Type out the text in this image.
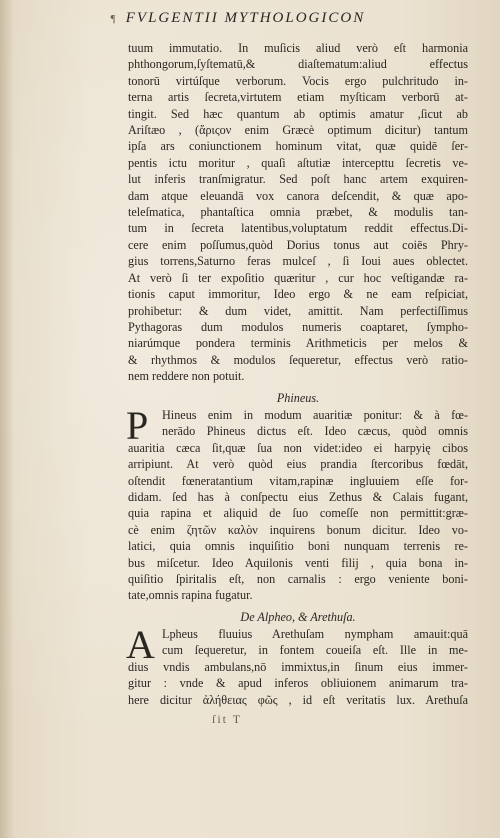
¶ FVLGENTII MYTHOLOGICON
tuum immutatio. In muſicis aliud verò eſt harmonia
phthongorum,ſyſtematū,& diaſtematum:aliud effectus
tonorū virtúſque verborum. Vocis ergo pulchritudo in-
terna artis ſecreta,virtutem etiam myſticam verborū at-
tingit. Sed hæc quantum ab optimis amatur ,ſicut ab
Ariſtæo , (ἄριςον enim Græcè optimum dicitur) tantum
ipſa ars coniunctionem hominum vitat, quæ quidē ſer-
pentis ictu moritur , quaſi aſtutiæ intercepttu ſecretis ve-
lut inferis tranſmigratur. Sed poſt hanc artem exquiren-
dam atque eleuandā vox canora deſcendit, & quæ apo-
teleſmatica, phantaſtica omnia præbet, & modulis tan-
tum in ſecreta latentibus,voluptatum reddit effectus.Di-
cere enim poſſumus,quòd Dorius tonus aut coiēs Phry-
gius torrens,Saturno feras mulceſ , ſi Ioui aues oblectet.
At verò ſi ter expoſitio quæritur , cur hoc veſtigandæ ra-
tionis caput immoritur, Ideo ergo & ne eam reſpiciat,
prohibetur: & dum videt, amittit. Nam perfectiſſimus
Pythagoras dum modulos numeris coaptaret, ſympho-
niarúmque pondera terminis Arithmeticis per melos &
& rhythmos & modulos ſequeretur, effectus verò ratio-
nem reddere non potuit.
Phineus.
P	Hineus enim in modum auaritiæ ponitur: & à fœ-
nerādo Phineus dictus eſt. Ideo cæcus, quòd omnis
auaritia cæca ſit,quæ ſua non videt:ideo ei harpyię cibos
arripiunt. At verò quòd eius prandia ſtercoribus fœdāt,
oſtendit fœneratantium vitam,rapinæ ingluuiem eſſe for-
didam. ſed has à conſpectu eius Zethus & Calais fugant,
quia rapina et aliquid de ſuo comeſſe non permittit:græ-
cè enim ζητῶν καλὸν inquirens bonum dicitur. Ideo vo-
latici, quia omnis inquiſitio boni nunquam terrenis re-
bus miſcetur. Ideo Aquilonis venti filij , quia bona in-
quiſitio ſpiritalis eſt, non carnalis : ergo veniente boni-
tate,omnis rapina fugatur.
De Alpheo, & Arethuſa.
A Lpheus fluuius Arethuſam nympham amauit:quā
cum ſequeretur, in fontem coueiſa eſt. Ille in me-
dius vndis ambulans,nō immixtus,in ſinum eius immer-
gitur : vnde & apud inferos obliuionem animarum tra-
here dicitur ἀλήθειας φῶς , id eſt veritatis lux. Arethuſa
ſit T
